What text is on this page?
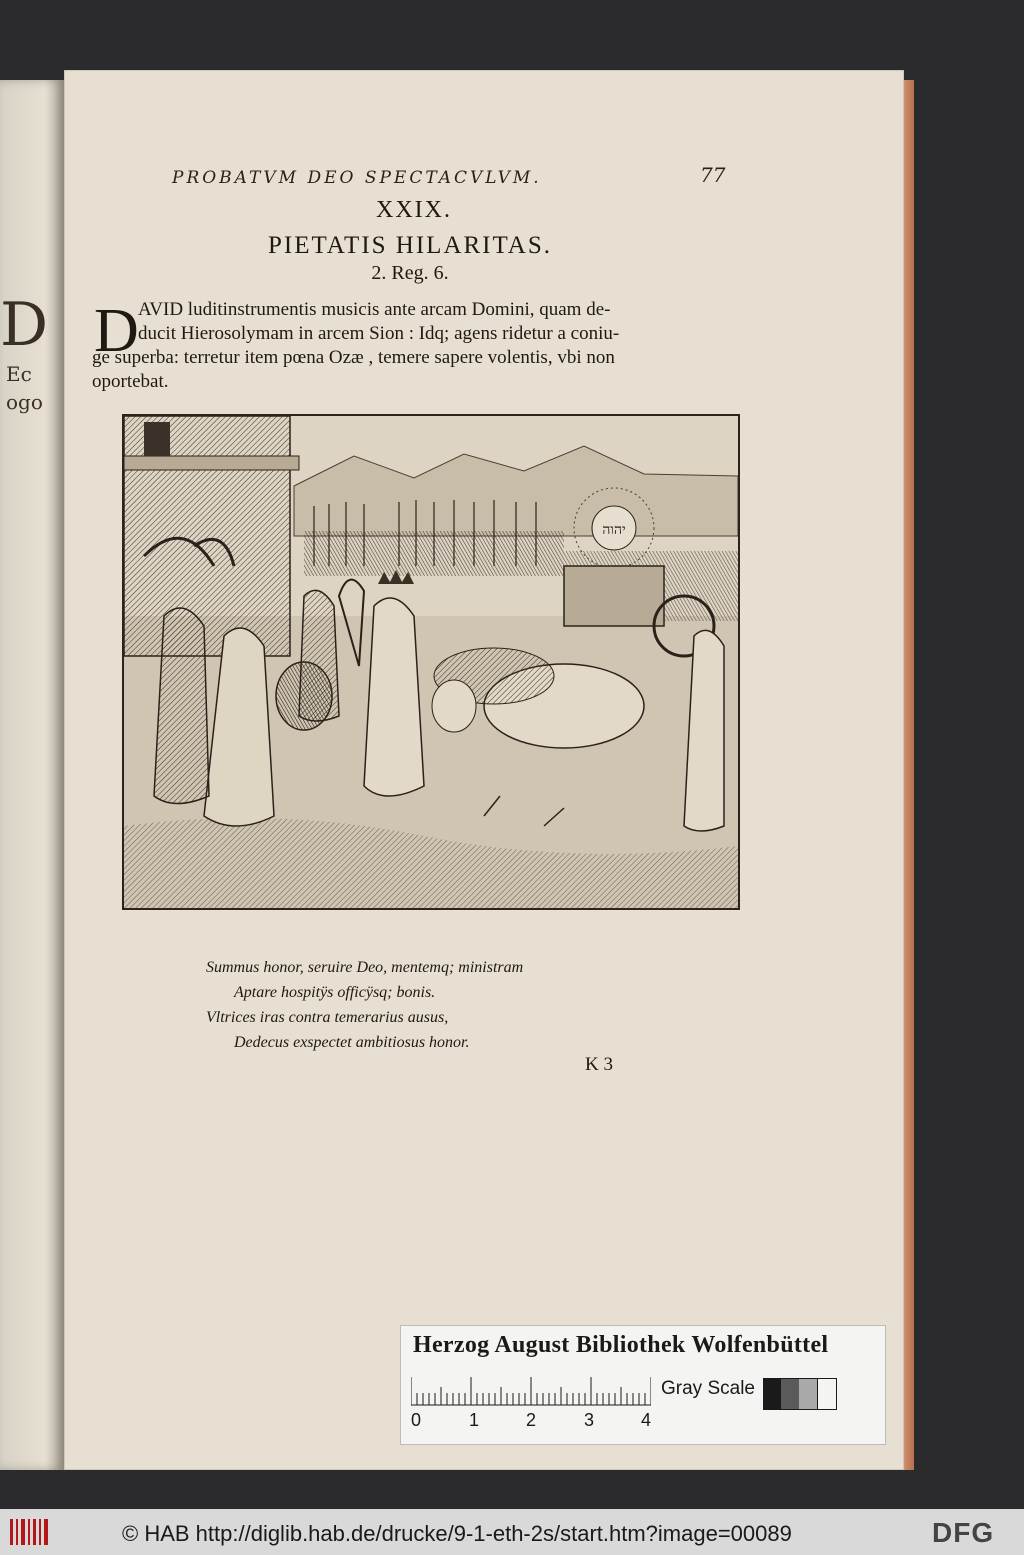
D
Ec
ogo
PROBATVM DEO SPECTACVLVM.	77
XXIX.
PIETATIS HILARITAS.
2. Reg. 6.
D AVID luditinstrumentis musicis ante arcam Domini, quam de-
ducit Hierosolymam in arcem Sion : Idq; agens ridetur a coniu-
ge superba: terretur item pœna Ozæ , temere sapere volentis, vbi non
oportebat.
יהוה
Summus honor, seruire Deo, mentemq; ministram
Aptare hospitÿs officÿsq; bonis.
Vltrices iras contra temerarius ausus,
Dedecus exspectet ambitiosus honor.
K 3
Herzog August Bibliothek Wolfenbüttel
0	1	2	3	4
Gray Scale
© HAB http://diglib.hab.de/drucke/9-1-eth-2s/start.htm?image=00089	DFG
